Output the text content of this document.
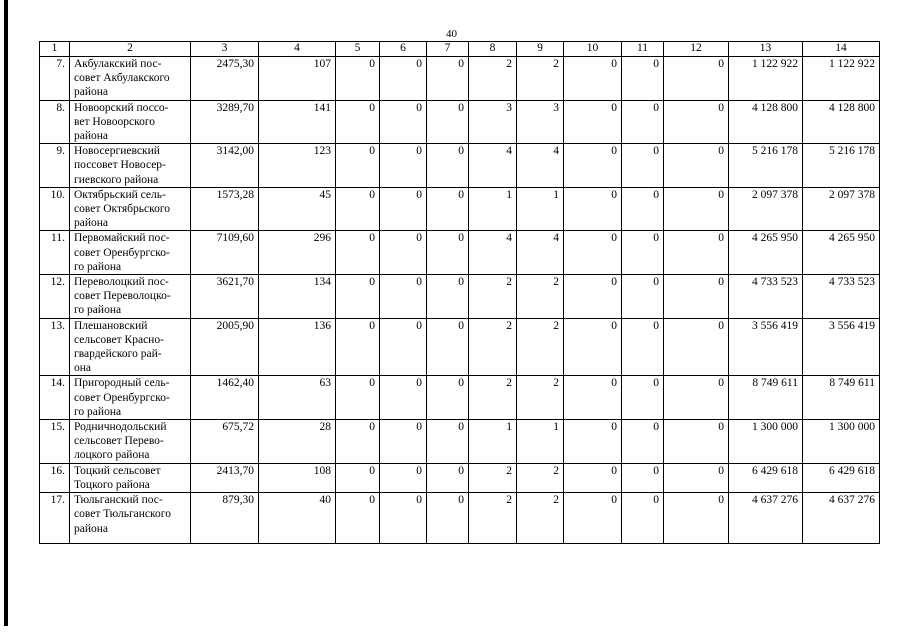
40
1	2	3	4	5	6	7	8	9	10	11	12	13	14
7.	Акбулакский пос-
совет Акбулакского
района	2475,30	107	0	0	0	2	2	0	0	0	1 122 922	1 122 922
8.	Новоорский поссо-
вет Новоорского
района	3289,70	141	0	0	0	3	3	0	0	0	4 128 800	4 128 800
9.	Новосергиевский
поссовет Новосер-
гиевского района	3142,00	123	0	0	0	4	4	0	0	0	5 216 178	5 216 178
10.	Октябрьский сель-
совет Октябрьского
района	1573,28	45	0	0	0	1	1	0	0	0	2 097 378	2 097 378
11.	Первомайский пос-
совет Оренбургско-
го района	7109,60	296	0	0	0	4	4	0	0	0	4 265 950	4 265 950
12.	Переволоцкий пос-
совет Переволоцко-
го района	3621,70	134	0	0	0	2	2	0	0	0	4 733 523	4 733 523
13.	Плешановский
сельсовет Красно-
гвардейского рай-
она	2005,90	136	0	0	0	2	2	0	0	0	3 556 419	3 556 419
14.	Пригородный сель-
совет Оренбургско-
го района	1462,40	63	0	0	0	2	2	0	0	0	8 749 611	8 749 611
15.	Родничнодольский
сельсовет Перево-
лоцкого района	675,72	28	0	0	0	1	1	0	0	0	1 300 000	1 300 000
16.	Тоцкий сельсовет
Тоцкого района	2413,70	108	0	0	0	2	2	0	0	0	6 429 618	6 429 618
17.	Тюльганский пос-
совет Тюльганского
района	879,30	40	0	0	0	2	2	0	0	0	4 637 276	4 637 276
